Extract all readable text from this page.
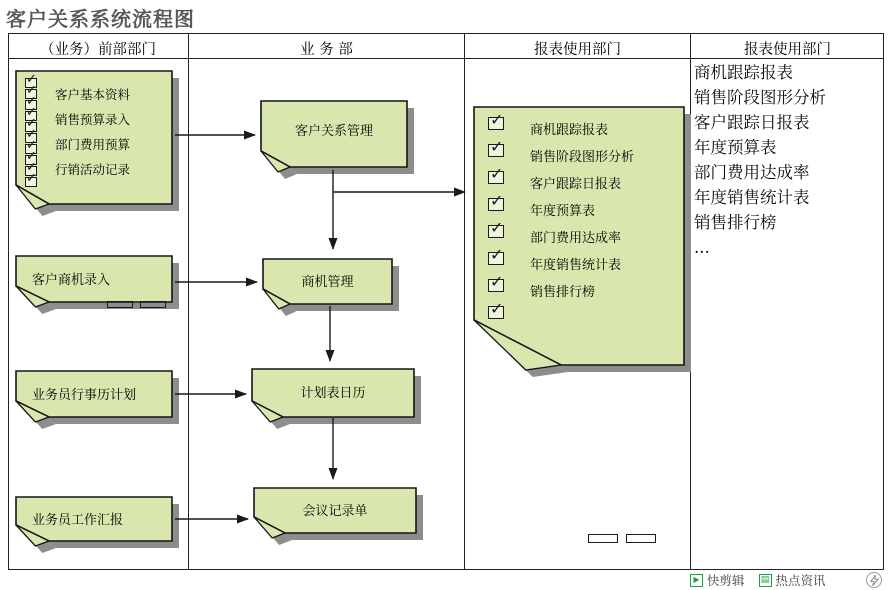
客户关系系统流程图
（业务）前部部门	业 务 部	报表使用部门	报表使用部门
✓
✓
✓
✓
✓
✓
✓
✓
✓
✓
客户基本资料
销售预算录入
部门费用预算
行销活动记录
客户商机录入
业务员行事历计划
业务员工作汇报
客户关系管理
商机管理
计划表日历
会议记录单
✓
✓
✓
✓
✓
✓
✓
✓
商机跟踪报表
销售阶段图形分析
客户跟踪日报表
年度预算表
部门费用达成率
年度销售统计表
销售排行榜
商机跟踪报表
销售阶段图形分析
客户跟踪日报表
年度预算表
部门费用达成率
年度销售统计表
销售排行榜
...
▶ 快剪辑 ▤ 热点资讯
